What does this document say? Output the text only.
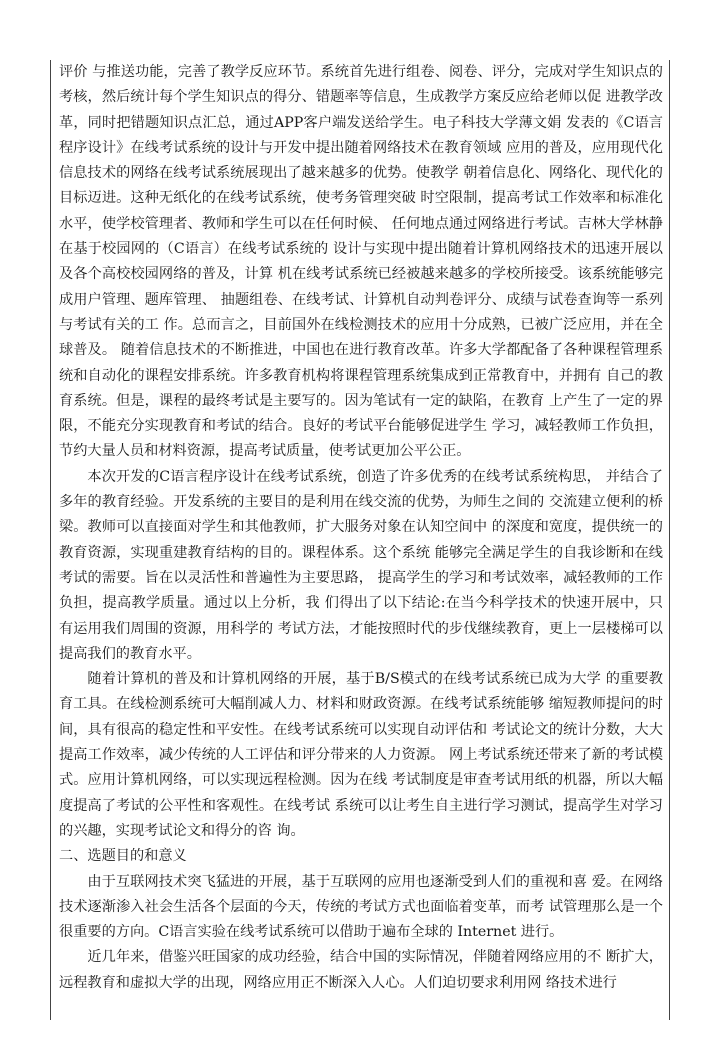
评价 与推送功能，完善了教学反应环节。系统首先进行组卷、阅卷、评分，完成对学生知识点的考核，然后统计每个学生知识点的得分、错题率等信息，生成教学方案反应给老师以促 进教学改革，同时把错题知识点汇总，通过APP客户端发送给学生。电子科技大学薄文娟 发表的《C语言程序设计》在线考试系统的设计与开发中提出随着网络技术在教育领域 应用的普及，应用现代化信息技术的网络在线考试系统展现出了越来越多的优势。使教学 朝着信息化、网络化、现代化的目标迈进。这种无纸化的在线考试系统，使考务管理突破 时空限制，提高考试工作效率和标准化水平，使学校管理者、教师和学生可以在任何时候、 任何地点通过网络进行考试。吉林大学林静在基于校园网的（C语言）在线考试系统的 设计与实现中提出随着计算机网络技术的迅速开展以及各个高校校园网络的普及，计算 机在线考试系统已经被越来越多的学校所接受。该系统能够完成用户管理、题库管理、 抽题组卷、在线考试、计算机自动判卷评分、成绩与试卷查询等一系列与考试有关的工 作。总而言之，目前国外在线检测技术的应用十分成熟，已被广泛应用，并在全球普及。 随着信息技术的不断推进，中国也在进行教育改革。许多大学都配备了各种课程管理系 统和自动化的课程安排系统。许多教育机构将课程管理系统集成到正常教育中，并拥有 自己的教育系统。但是，课程的最终考试是主要写的。因为笔试有一定的缺陷，在教育 上产生了一定的界限，不能充分实现教育和考试的结合。良好的考试平台能够促进学生 学习，减轻教师工作负担，节约大量人员和材料资源，提高考试质量，使考试更加公平公正。

本次开发的C语言程序设计在线考试系统，创造了许多优秀的在线考试系统构思， 并结合了多年的教育经验。开发系统的主要目的是利用在线交流的优势，为师生之间的 交流建立便利的桥梁。教师可以直接面对学生和其他教师，扩大服务对象在认知空间中 的深度和宽度，提供统一的教育资源，实现重建教育结构的目的。课程体系。这个系统 能够完全满足学生的自我诊断和在线考试的需要。旨在以灵活性和普遍性为主要思路， 提高学生的学习和考试效率，减轻教师的工作负担，提高教学质量。通过以上分析，我 们得出了以下结论:在当今科学技术的快速开展中，只有运用我们周围的资源，用科学的 考试方法，才能按照时代的步伐继续教育，更上一层楼梯可以提高我们的教育水平。

随着计算机的普及和计算机网络的开展，基于B/S模式的在线考试系统已成为大学 的重要教育工具。在线检测系统可大幅削减人力、材料和财政资源。在线考试系统能够 缩短教师提问的时间，具有很高的稳定性和平安性。在线考试系统可以实现自动评估和 考试论文的统计分数，大大提高工作效率，减少传统的人工评估和评分带来的人力资源。 网上考试系统还带来了新的考试模式。应用计算机网络，可以实现远程检测。因为在线 考试制度是审查考试用纸的机器，所以大幅度提高了考试的公平性和客观性。在线考试 系统可以让考生自主进行学习测试，提高学生对学习的兴趣，实现考试论文和得分的咨 询。

二、选题目的和意义

由于互联网技术突飞猛进的开展，基于互联网的应用也逐渐受到人们的重视和喜 爱。在网络技术逐渐渗入社会生活各个层面的今天，传统的考试方式也面临着变革，而考 试管理那么是一个很重要的方向。C语言实验在线考试系统可以借助于遍布全球的 Internet 进行。

近几年来，借鉴兴旺国家的成功经验，结合中国的实际情况，伴随着网络应用的不 断扩大，远程教育和虚拟大学的出现，网络应用正不断深入人心。人们迫切要求利用网 络技术进行
